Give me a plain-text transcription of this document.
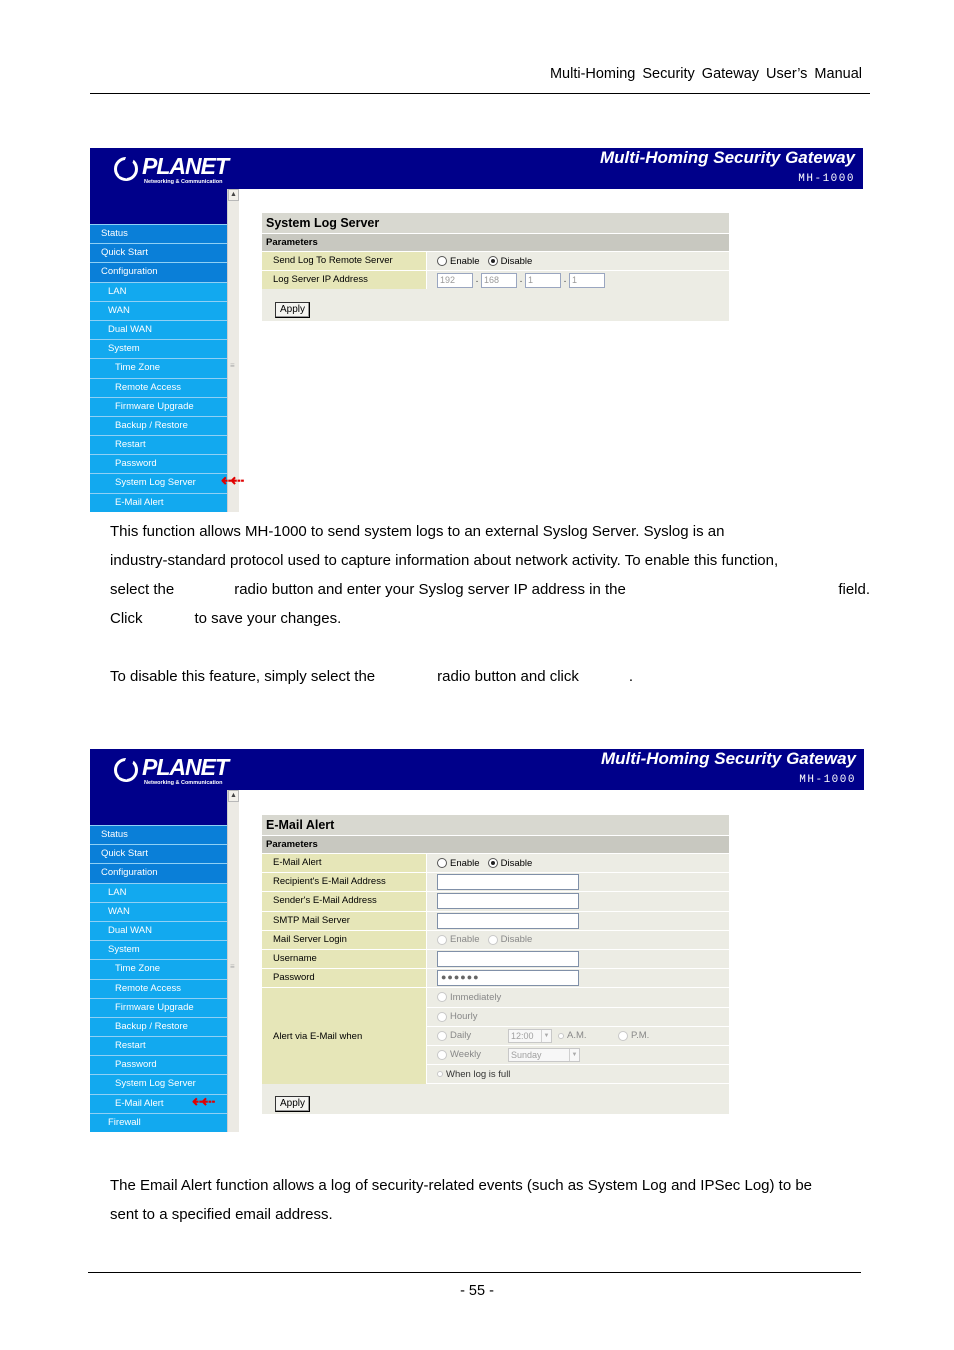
Multi-Homing Security Gateway User’s Manual
PLANET
Networking & Communication
Multi-Homing Security Gateway
MH-1000
Status
Quick Start
Configuration
LAN
WAN
Dual WAN
System
Time Zone
Remote Access
Firmware Upgrade
Backup / Restore
Restart
Password
System Log Server
E-Mail Alert
▲
≡
⇠⇠
System Log Server
Parameters
Send Log To Remote Server	Enable Disable
Log Server IP Address	192	. 168	. 1	. 1
Apply
This function allows MH-1000 to send system logs to an external Syslog Server. Syslog is an
industry-standard protocol used to capture information about network activity. To enable this function,
select the	radio button and enter your Syslog server IP address in the	field.
Click	to save your changes.
To disable this feature, simply select the	radio button and click	.
PLANET
Networking & Communication
Multi-Homing Security Gateway
MH-1000
Status
Quick Start
Configuration
LAN
WAN
Dual WAN
System
Time Zone
Remote Access
Firmware Upgrade
Backup / Restore
Restart
Password
System Log Server
E-Mail Alert
Firewall
▲
≡
⇠⇠
E-Mail Alert
Parameters
E-Mail Alert	Enable Disable
Recipient's E-Mail Address
Sender's E-Mail Address
SMTP Mail Server
Mail Server Login	Enable Disable
Username
Password	●●●●●●
Alert via E-Mail when
Immediately
Hourly
Daily	12:00	▼ A.M.	P.M.
Weekly	Sunday	▼
When log is full
Apply
The Email Alert function allows a log of security-related events (such as System Log and IPSec Log) to be
sent to a specified email address.
- 55 -
